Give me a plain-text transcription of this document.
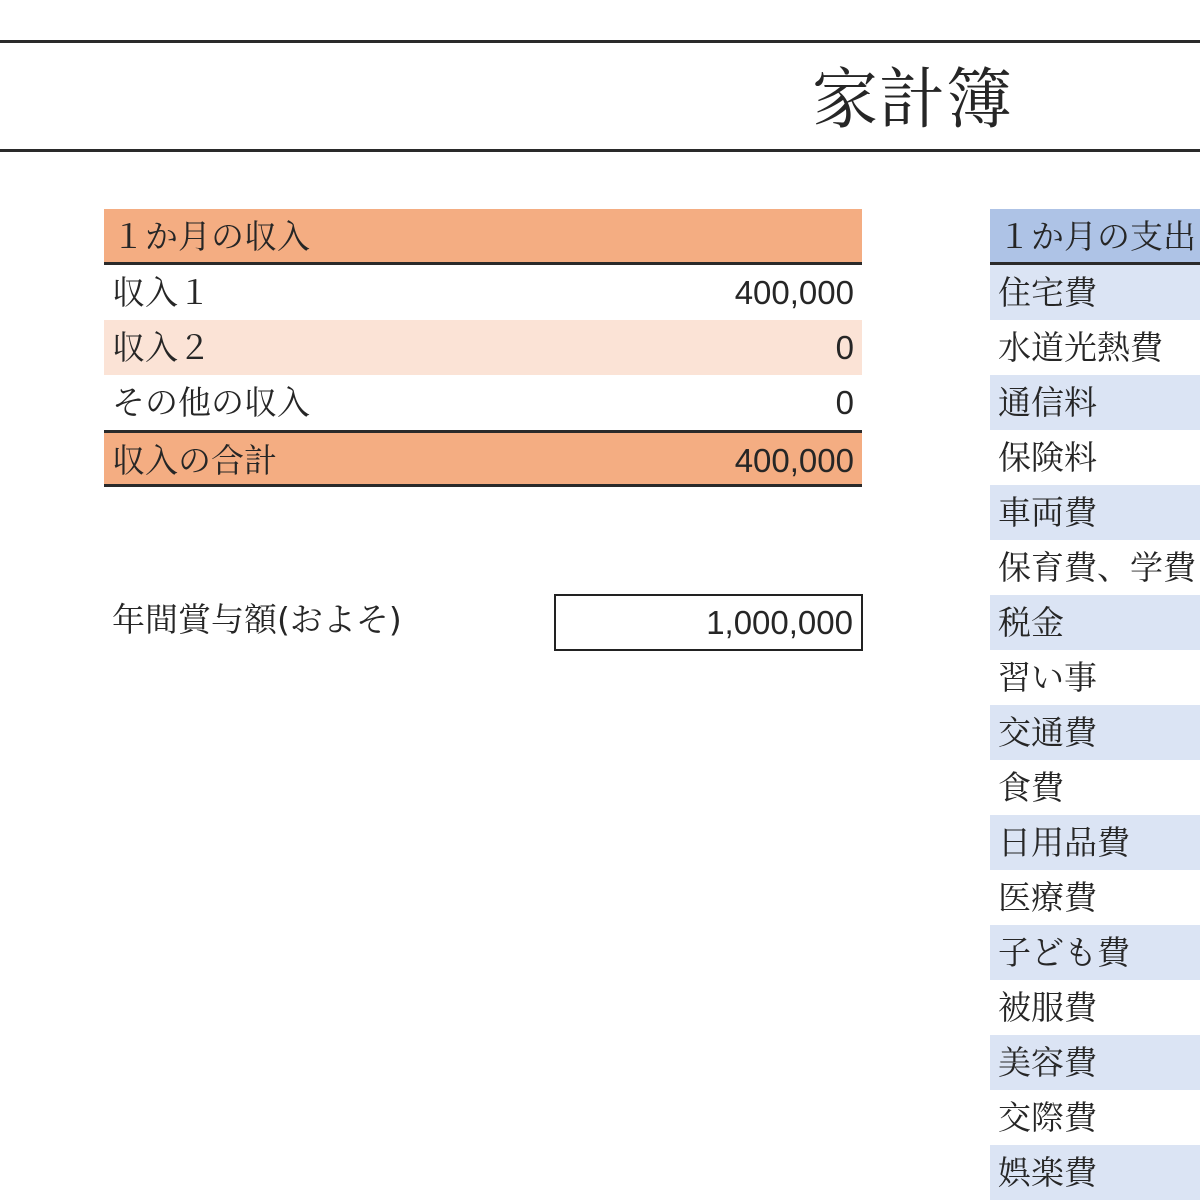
家計簿
１か月の収入
収入１	400,000
収入２	0
その他の収入	0
収入の合計	400,000
年間賞与額(およそ)	1,000,000
１か月の支出
住宅費
水道光熱費
通信料
保険料
車両費
保育費、学費
税金
習い事
交通費
食費
日用品費
医療費
子ども費
被服費
美容費
交際費
娯楽費
